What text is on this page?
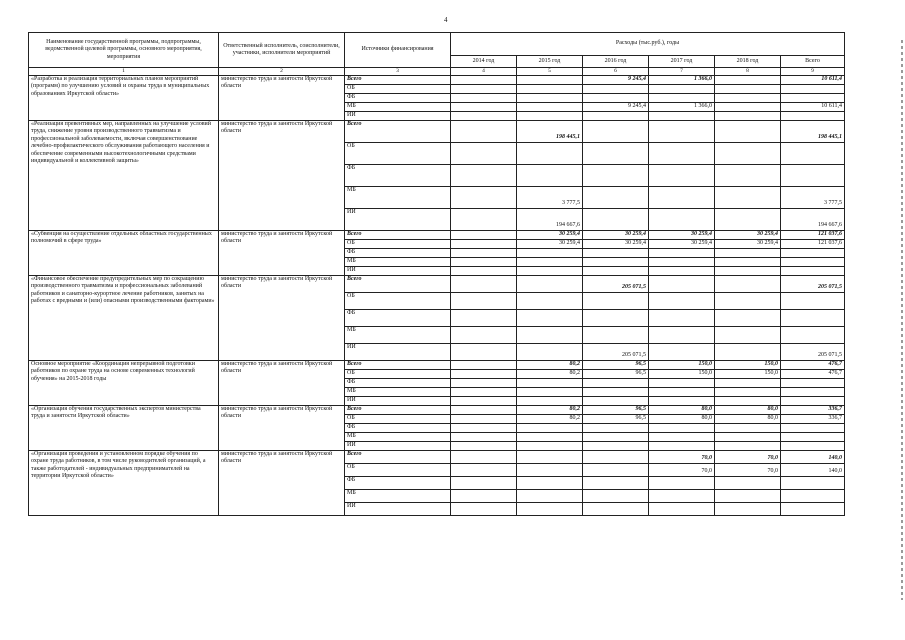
4
Наименование государственной программы, подпрограммы, ведомственной целевой программы, основного мероприятия, мероприятия	Ответственный исполнитель, соисполнители, участники, исполнители мероприятий	Источники финансирования	Расходы (тыс.руб.), годы					
			2014 год	2015 год	2016 год	2017 год	2018 год	Всего
1	2	3	4	5	6	7	8	9
«Разработка и реализация территориальных планов мероприятий (программ) по улучшению условий и охраны труда в муниципальных образованиях Иркутской области»	министерство труда и занятости Иркутской области	Всего			9 245,4	1 366,0		10 611,4
		ОБ						
		ФБ						
		МБ			9 245,4	1 366,0		10 611,4
		ИИ						
«Реализация превентивных мер, направленных на улучшение условий труда, снижение уровня производственного травматизма и профессиональной заболеваемости, включая совершенствование лечебно-профилактического обслуживания работающего населения и обеспечение современными высокотехнологичными средствами индивидуальной и коллективной защиты»	министерство труда и занятости Иркутской области	Всего		198 445,1				198 445,1
		ОБ						
		ФБ						
		МБ		3 777,5				3 777,5
		ИИ		194 667,6				194 667,6
«Субвенция на осуществление отдельных областных государственных полномочий в сфере труда»	министерство труда и занятости Иркутской области	Всего		30 259,4	30 259,4	30 259,4	30 259,4	121 037,6
		ОБ		30 259,4	30 259,4	30 259,4	30 259,4	121 037,6
		ФБ						
		МБ						
		ИИ						
«Финансовое обеспечение предупредительных мер по сокращению производственного травматизма и профессиональных заболеваний работников и санаторно-курортное лечение работников, занятых на работах с вредными и (или) опасными производственными факторами»	министерство труда и занятости Иркутской области	Всего			205 071,5			205 071,5
		ОБ						
		ФБ						
		МБ						
		ИИ			205 071,5			205 071,5
Основное мероприятие «Координация непрерывной подготовки работников по охране труда на основе современных технологий обучения» на 2015-2018 годы	министерство труда и занятости Иркутской области	Всего		80,2	96,5	150,0	150,0	476,7
		ОБ		80,2	96,5	150,0	150,0	476,7
		ФБ						
		МБ						
		ИИ						
«Организация обучения государственных экспертов министерства труда и занятости Иркутской области»	министерство труда и занятости Иркутской области	Всего		80,2	96,5	80,0	80,0	336,7
		ОБ		80,2	96,5	80,0	80,0	336,7
		ФБ						
		МБ						
		ИИ						
«Организация проведения и установленном порядке обучения по охране труда работников, в том числе руководителей организаций, а также работодателей - индивидуальных предпринимателей на территории Иркутской области»	министерство труда и занятости Иркутской области	Всего				70,0	70,0	140,0
		ОБ				70,0	70,0	140,0
		ФБ						
		МБ						
		ИИ						
